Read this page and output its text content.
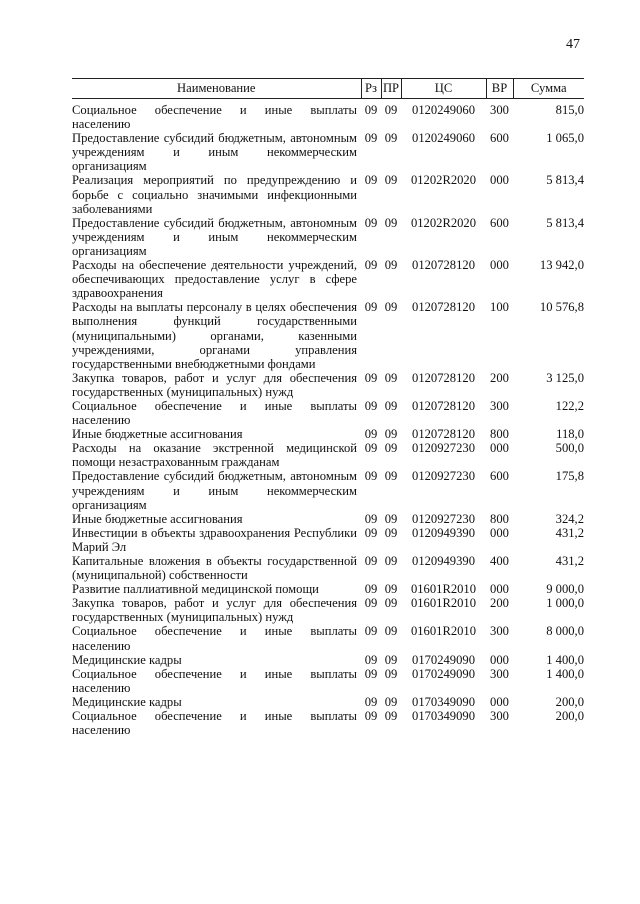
47
Наименование	Рз	ПР	ЦС	ВР	Сумма
Социальное обеспечение и иные выплаты населению	09	09	0120249060	300	815,0
Предоставление субсидий бюджетным, автономным учреждениям и иным некоммерческим организациям	09	09	0120249060	600	1 065,0
Реализация мероприятий по предупреждению и борьбе с социально значимыми инфекционными заболеваниями	09	09	01202R2020	000	5 813,4
Предоставление субсидий бюджетным, автономным учреждениям и иным некоммерческим организациям	09	09	01202R2020	600	5 813,4
Расходы на обеспечение деятельности учреждений, обеспечивающих предоставление услуг в сфере здравоохранения	09	09	0120728120	000	13 942,0
Расходы на выплаты персоналу в целях обеспечения выполнения функций государственными (муниципальными) органами, казенными учреждениями, органами управления государственными внебюджетными фондами	09	09	0120728120	100	10 576,8
Закупка товаров, работ и услуг для обеспечения государственных (муниципальных) нужд	09	09	0120728120	200	3 125,0
Социальное обеспечение и иные выплаты населению	09	09	0120728120	300	122,2
Иные бюджетные ассигнования	09	09	0120728120	800	118,0
Расходы на оказание экстренной медицинской помощи незастрахованным гражданам	09	09	0120927230	000	500,0
Предоставление субсидий бюджетным, автономным учреждениям и иным некоммерческим организациям	09	09	0120927230	600	175,8
Иные бюджетные ассигнования	09	09	0120927230	800	324,2
Инвестиции в объекты здравоохранения Республики Марий Эл	09	09	0120949390	000	431,2
Капитальные вложения в объекты государственной (муниципальной) собственности	09	09	0120949390	400	431,2
Развитие паллиативной медицинской помощи	09	09	01601R2010	000	9 000,0
Закупка товаров, работ и услуг для обеспечения государственных (муниципальных) нужд	09	09	01601R2010	200	1 000,0
Социальное обеспечение и иные выплаты населению	09	09	01601R2010	300	8 000,0
Медицинские кадры	09	09	0170249090	000	1 400,0
Социальное обеспечение и иные выплаты населению	09	09	0170249090	300	1 400,0
Медицинские кадры	09	09	0170349090	000	200,0
Социальное обеспечение и иные выплаты населению	09	09	0170349090	300	200,0
